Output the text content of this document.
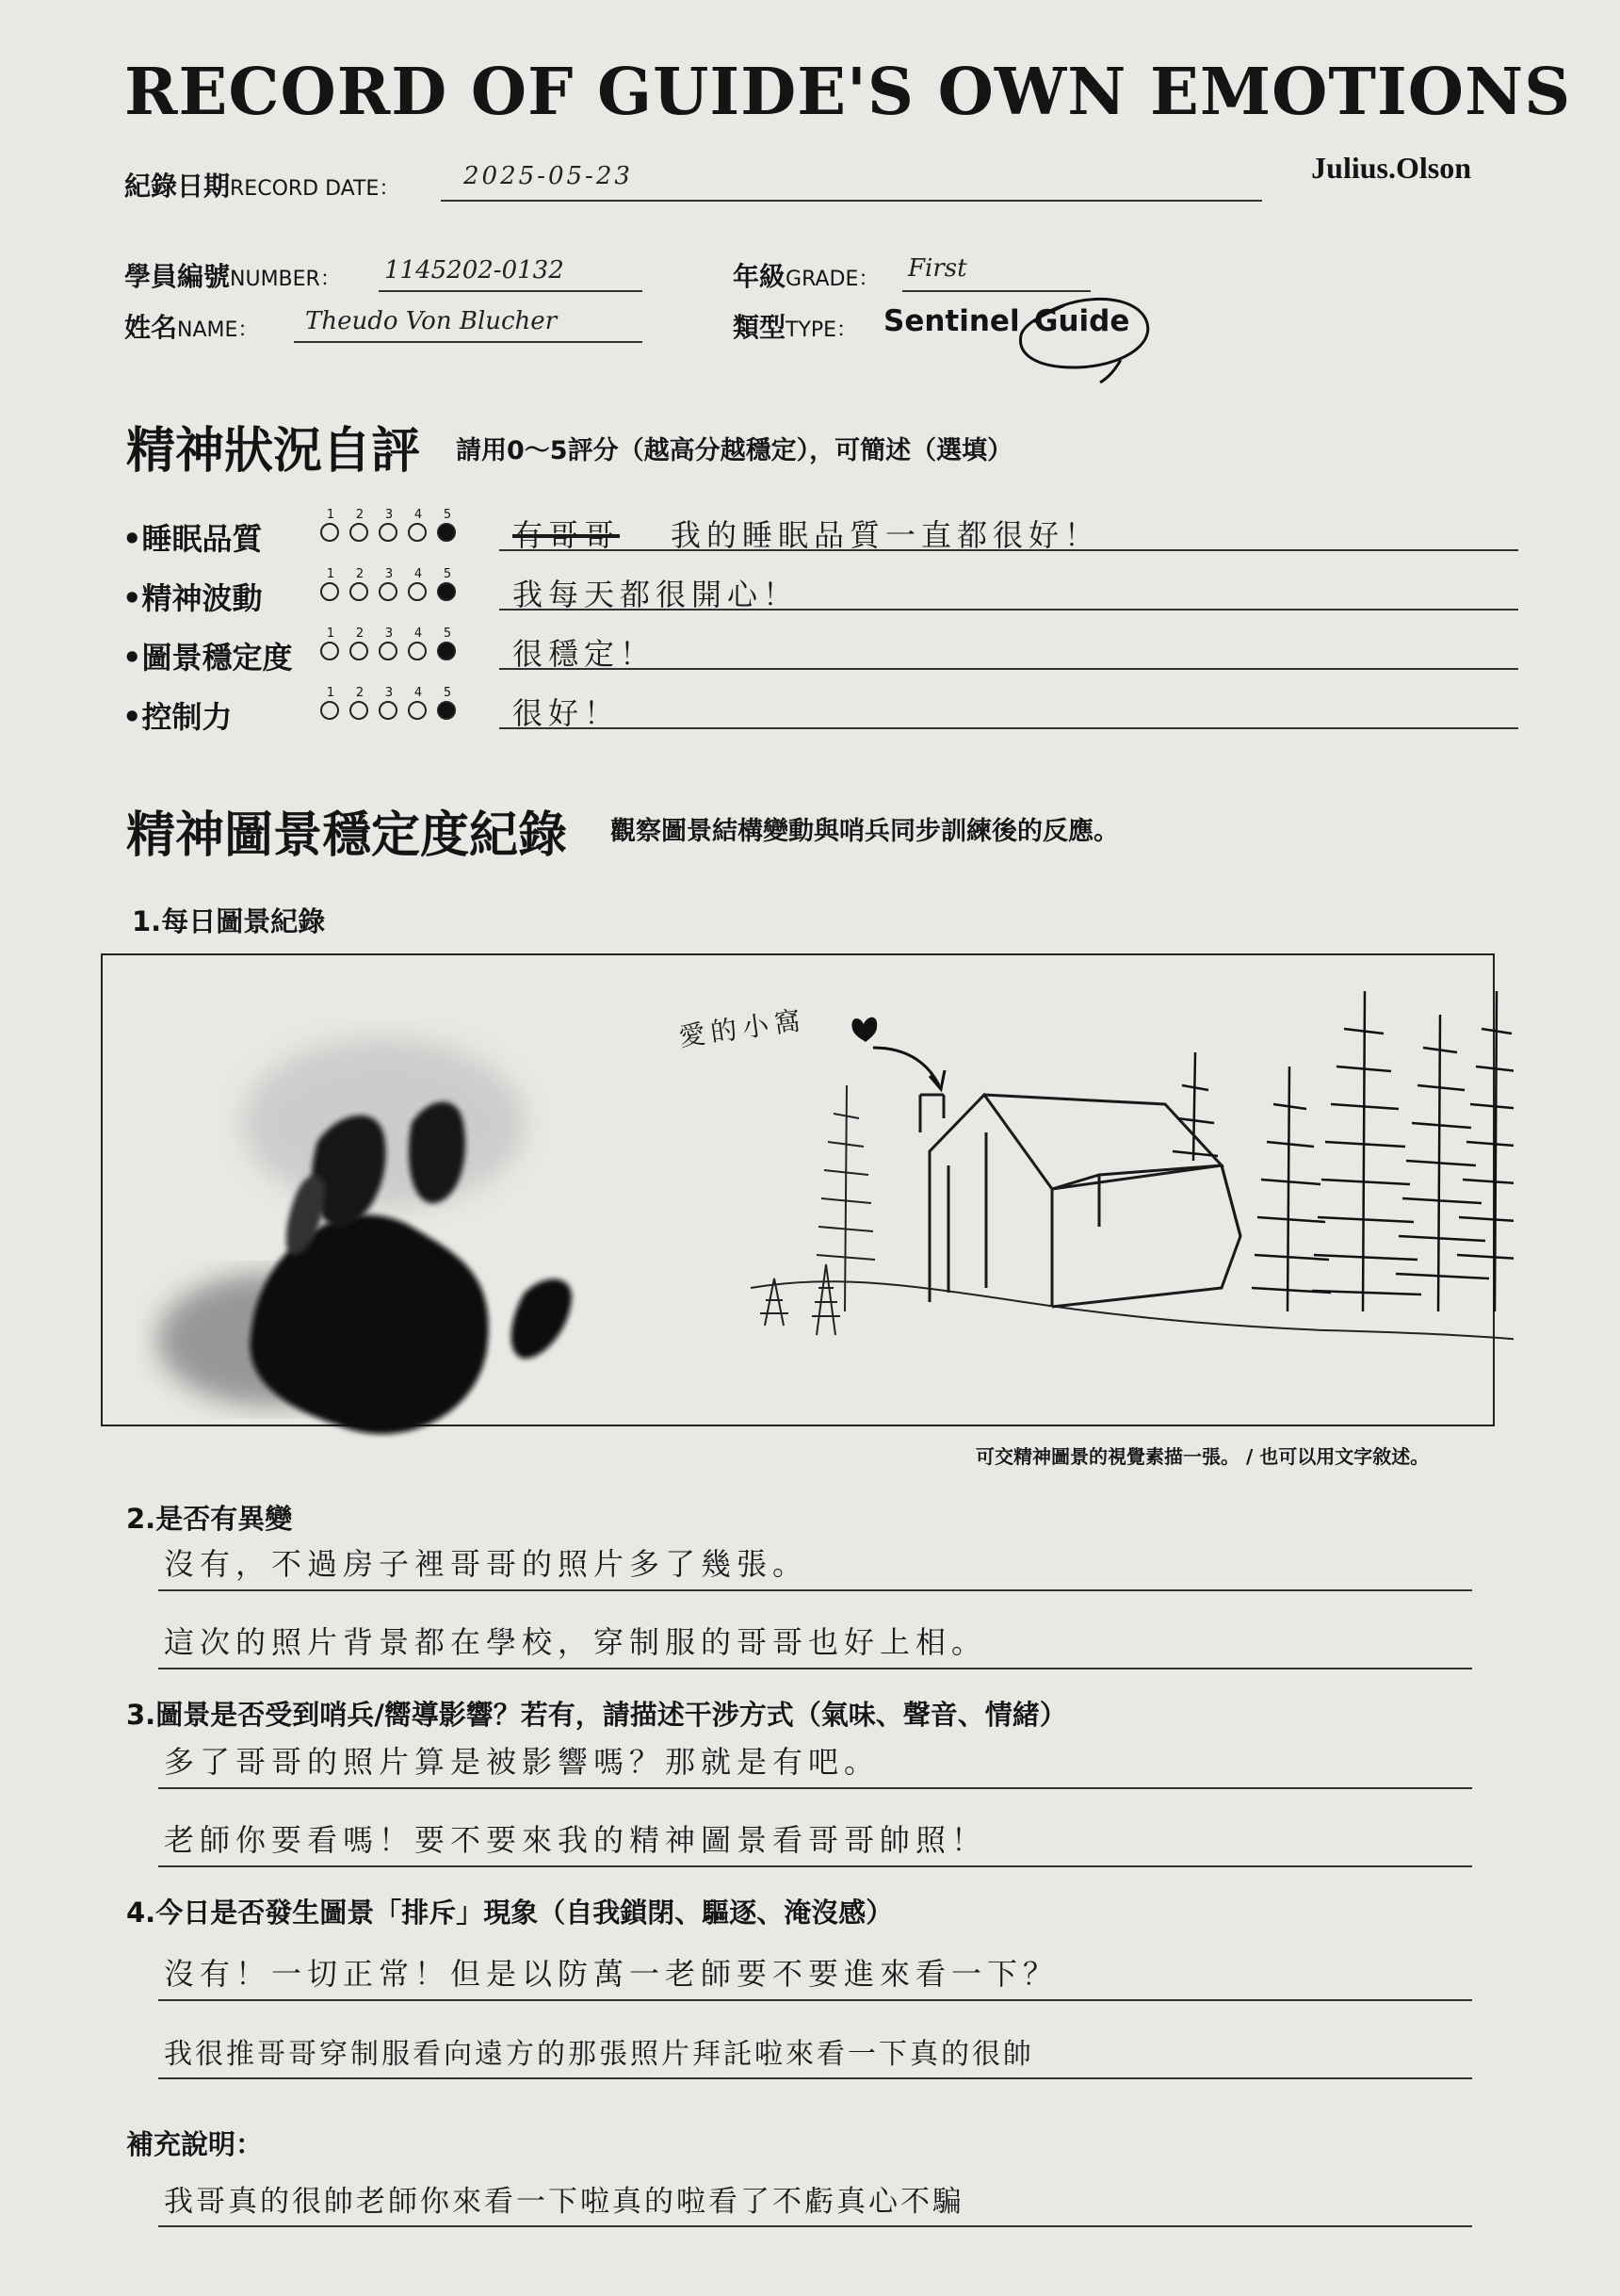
RECORD OF GUIDE'S OWN EMOTIONS
Julius.Olson
紀錄日期RECORD DATE：	2025-05-23
學員編號NUMBER： 1145202-0132
姓名NAME： Theudo Von Blucher
年級GRADE： First
類型TYPE： Sentinel Guide
精神狀況自評 請用0～5評分（越高分越穩定），可簡述（選填）
•睡眠品質
1	2	3	4	5
有哥哥 我的睡眠品質一直都很好！
•精神波動
1	2	3	4	5
我每天都很開心！
•圖景穩定度
1	2	3	4	5
很穩定！
•控制力
1	2	3	4	5
很好！
精神圖景穩定度紀錄 觀察圖景結構變動與哨兵同步訓練後的反應。
1.每日圖景紀錄
愛的小窩
可交精神圖景的視覺素描一張。 / 也可以用文字敘述。
2.是否有異變
沒有，不過房子裡哥哥的照片多了幾張。
這次的照片背景都在學校，穿制服的哥哥也好上相。
3.圖景是否受到哨兵/嚮導影響？若有，請描述干涉方式（氣味、聲音、情緒）
多了哥哥的照片算是被影響嗎？那就是有吧。
老師你要看嗎！要不要來我的精神圖景看哥哥帥照！
4.今日是否發生圖景「排斥」現象（自我鎖閉、驅逐、淹沒感）
沒有！一切正常！但是以防萬一老師要不要進來看一下？
我很推哥哥穿制服看向遠方的那張照片拜託啦來看一下真的很帥
補充說明：
我哥真的很帥老師你來看一下啦真的啦看了不虧真心不騙
